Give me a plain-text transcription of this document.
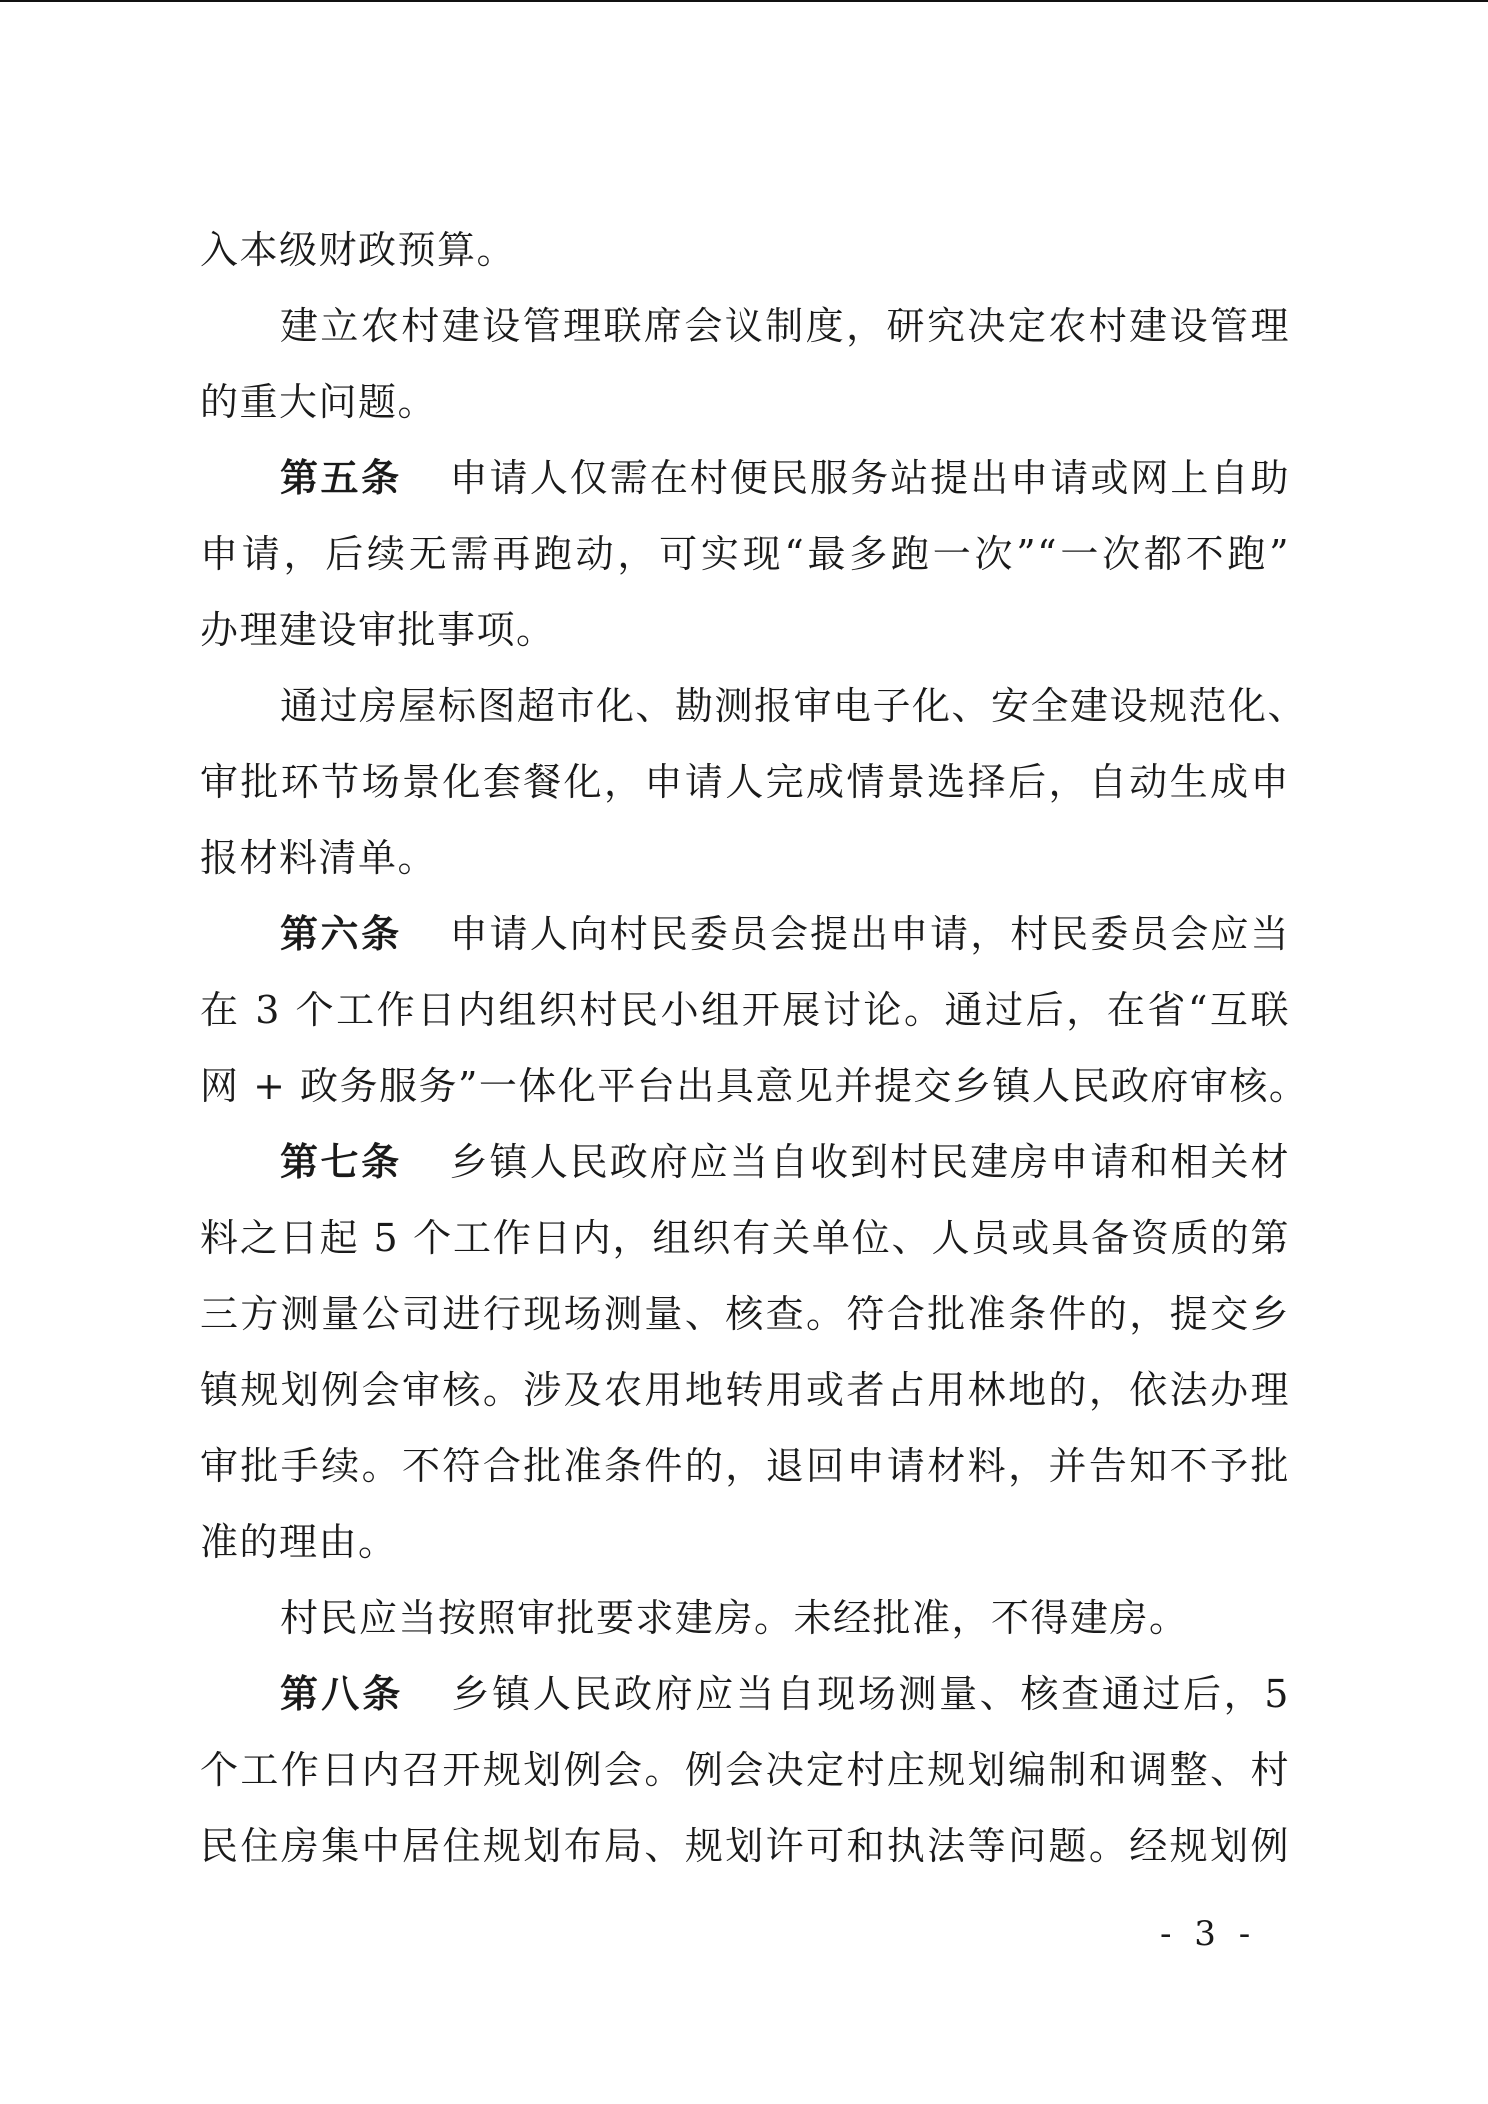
入本级财政预算。
建立农村建设管理联席会议制度，研究决定农村建设管理
的重大问题。
第五条 申请人仅需在村便民服务站提出申请或网上自助
申请，后续无需再跑动，可实现“最多跑一次”“一次都不跑”
办理建设审批事项。
通过房屋标图超市化、勘测报审电子化、安全建设规范化、
审批环节场景化套餐化，申请人完成情景选择后，自动生成申
报材料清单。
第六条 申请人向村民委员会提出申请，村民委员会应当
在 3 个工作日内组织村民小组开展讨论。通过后，在省“互联
网 + 政务服务”一体化平台出具意见并提交乡镇人民政府审核。
第七条 乡镇人民政府应当自收到村民建房申请和相关材
料之日起 5 个工作日内，组织有关单位、人员或具备资质的第
三方测量公司进行现场测量、核查。符合批准条件的，提交乡
镇规划例会审核。涉及农用地转用或者占用林地的，依法办理
审批手续。不符合批准条件的，退回申请材料，并告知不予批
准的理由。
村民应当按照审批要求建房。未经批准，不得建房。
第八条 乡镇人民政府应当自现场测量、核查通过后，5
个工作日内召开规划例会。例会决定村庄规划编制和调整、村
民住房集中居住规划布局、规划许可和执法等问题。经规划例
- 3 -
